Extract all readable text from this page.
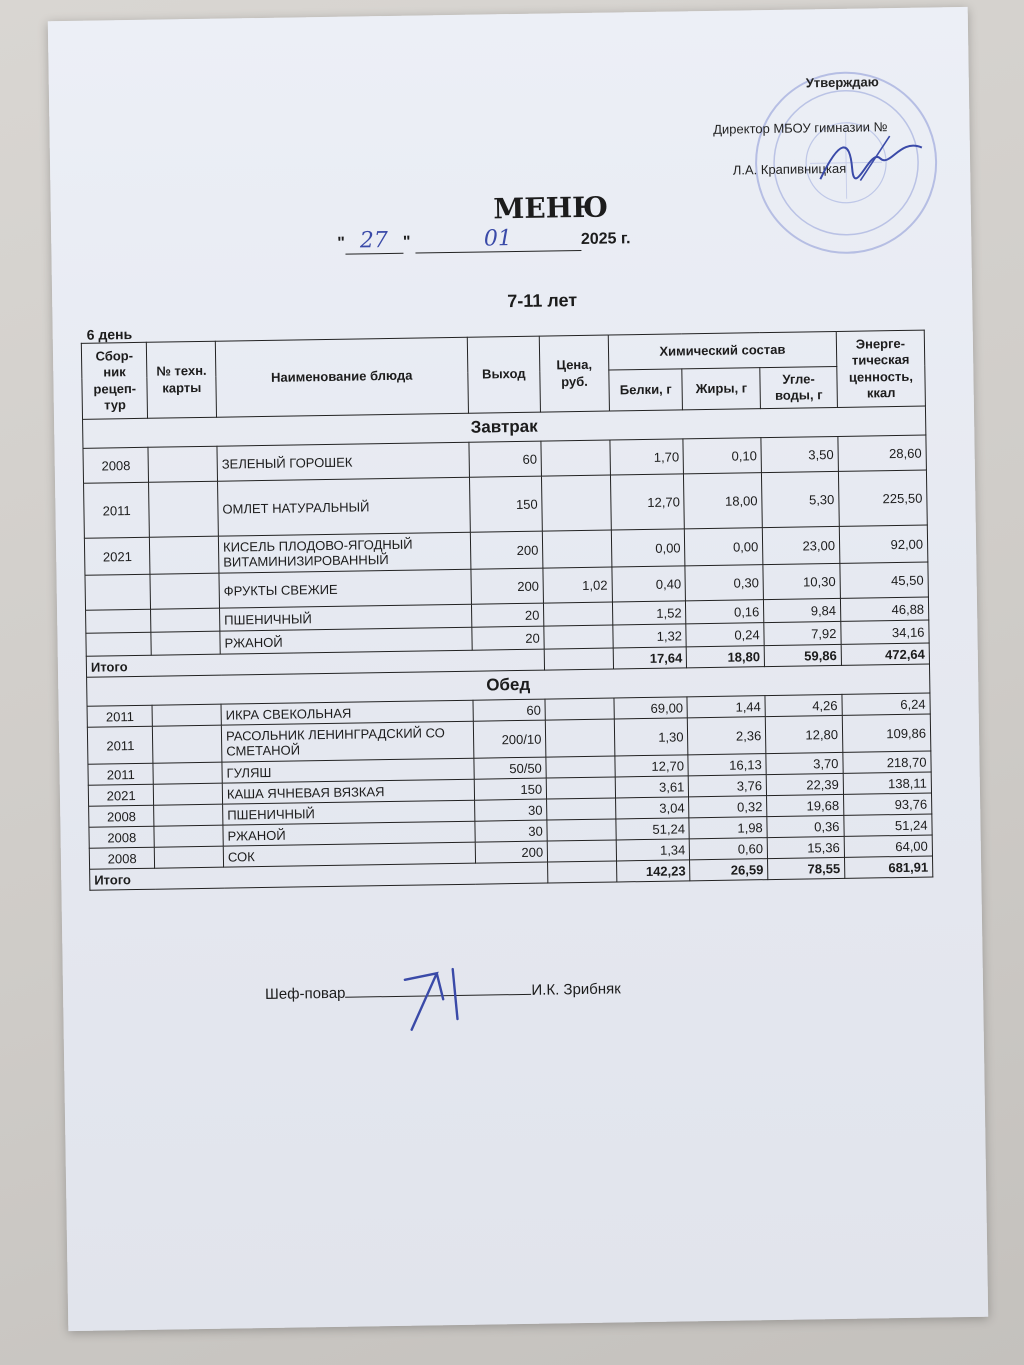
Утверждаю
Директор МБОУ гимназии №
Л.А. Крапивницкая
МЕНЮ
" 27 "	01	2025 г.
7-11 лет
6 день
Сбор-ник рецеп-тур	№ техн. карты	Наименование блюда	Выход	Цена, руб.	Химический состав			Энерге-тическая ценность, ккал
					Белки, г	Жиры, г	Угле-воды, г	
Завтрак								
2008		ЗЕЛЕНЫЙ ГОРОШЕК	60		1,70	0,10	3,50	28,60
2011		ОМЛЕТ НАТУРАЛЬНЫЙ	150		12,70	18,00	5,30	225,50
2021		КИСЕЛЬ ПЛОДОВО-ЯГОДНЫЙ ВИТАМИНИЗИРОВАННЫЙ	200		0,00	0,00	23,00	92,00
		ФРУКТЫ СВЕЖИЕ	200	1,02	0,40	0,30	10,30	45,50
		ПШЕНИЧНЫЙ	20		1,52	0,16	9,84	46,88
		РЖАНОЙ	20		1,32	0,24	7,92	34,16
Итого					17,64	18,80	59,86	472,64
Обед								
2011		ИКРА СВЕКОЛЬНАЯ	60		69,00	1,44	4,26	6,24
2011		РАСОЛЬНИК ЛЕНИНГРАДСКИЙ СО СМЕТАНОЙ	200/10		1,30	2,36	12,80	109,86
2011		ГУЛЯШ	50/50		12,70	16,13	3,70	218,70
2021		КАША ЯЧНЕВАЯ ВЯЗКАЯ	150		3,61	3,76	22,39	138,11
2008		ПШЕНИЧНЫЙ	30		3,04	0,32	19,68	93,76
2008		РЖАНОЙ	30		51,24	1,98	0,36	51,24
2008		СОК	200		1,34	0,60	15,36	64,00
Итого					142,23	26,59	78,55	681,91
Шеф-повар	И.К. Зрибняк
